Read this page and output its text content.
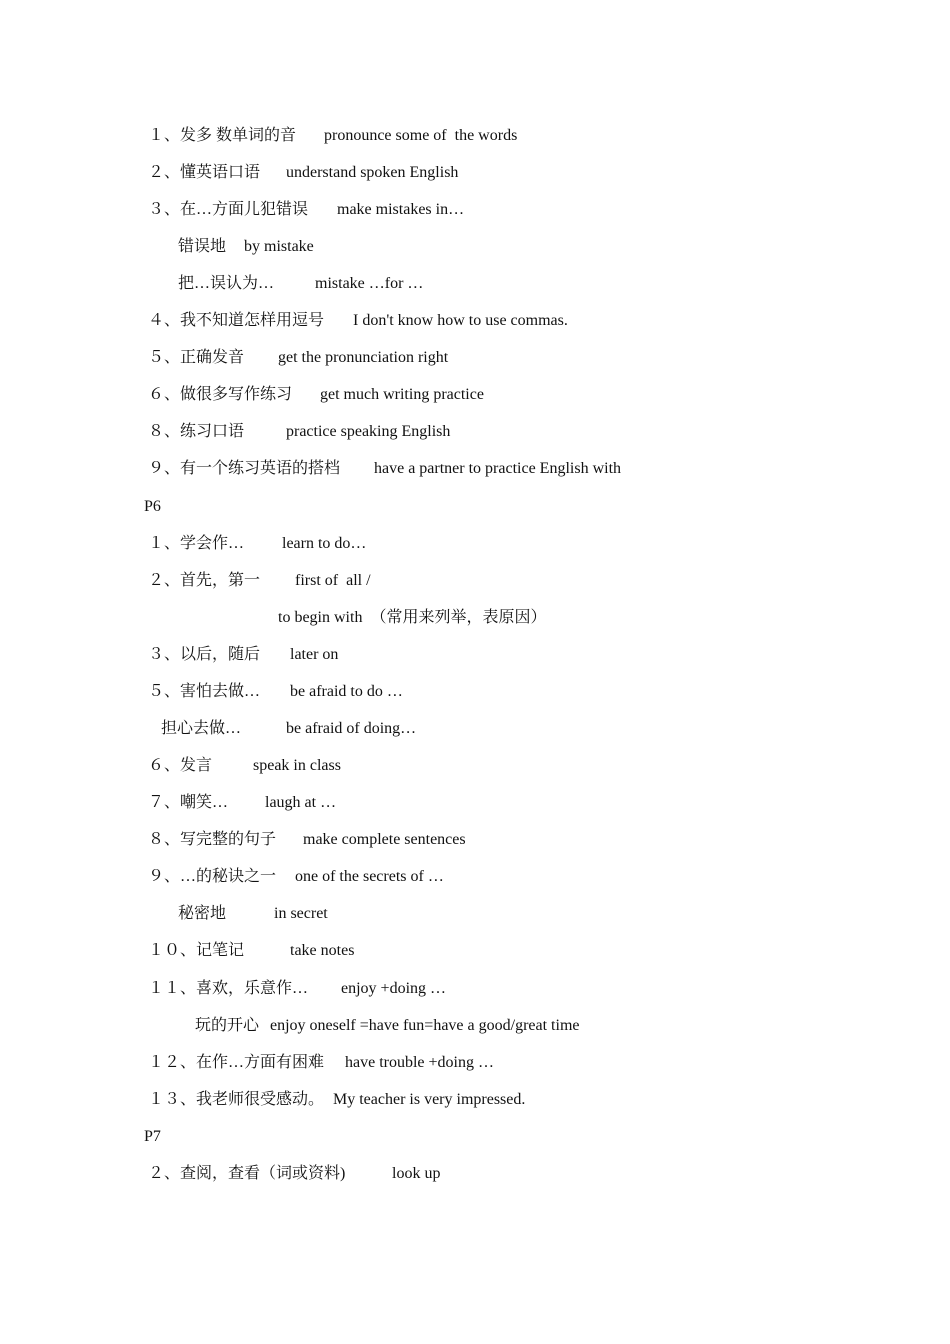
１、发多 数单词的音 pronounce some of  the words
２、懂英语口语 understand spoken English
３、在…方面儿犯错误 make mistakes in…
错误地 by mistake
把…误认为…	mistake …for …
４、我不知道怎样用逗号 I don't know how to use commas.
５、正确发音 get the pronunciation right
６、做很多写作练习 get much writing practice
８、练习口语	practice speaking English
９、有一个练习英语的搭档 have a partner to practice English with
P6
１、学会作… learn to do…
２、首先，第一 first of  all /
to begin with  （常用来列举，表原因）
３、以后，随后 later on
５、害怕去做… be afraid to do …
担心去做…	be afraid of doing…
６、发言	speak in class
７、嘲笑… laugh at …
８、写完整的句子 make complete sentences
９、…的秘诀之一 one of the secrets of …
秘密地	in secret
１０、记笔记	take notes
１１、喜欢，乐意作… enjoy +doing …
玩的开心 enjoy oneself =have fun=have a good/great time
１２、在作…方面有困难 have trouble +doing …
１３、我老师很受感动。 My teacher is very impressed.
P7
２、查阅，查看（词或资料)	look up
